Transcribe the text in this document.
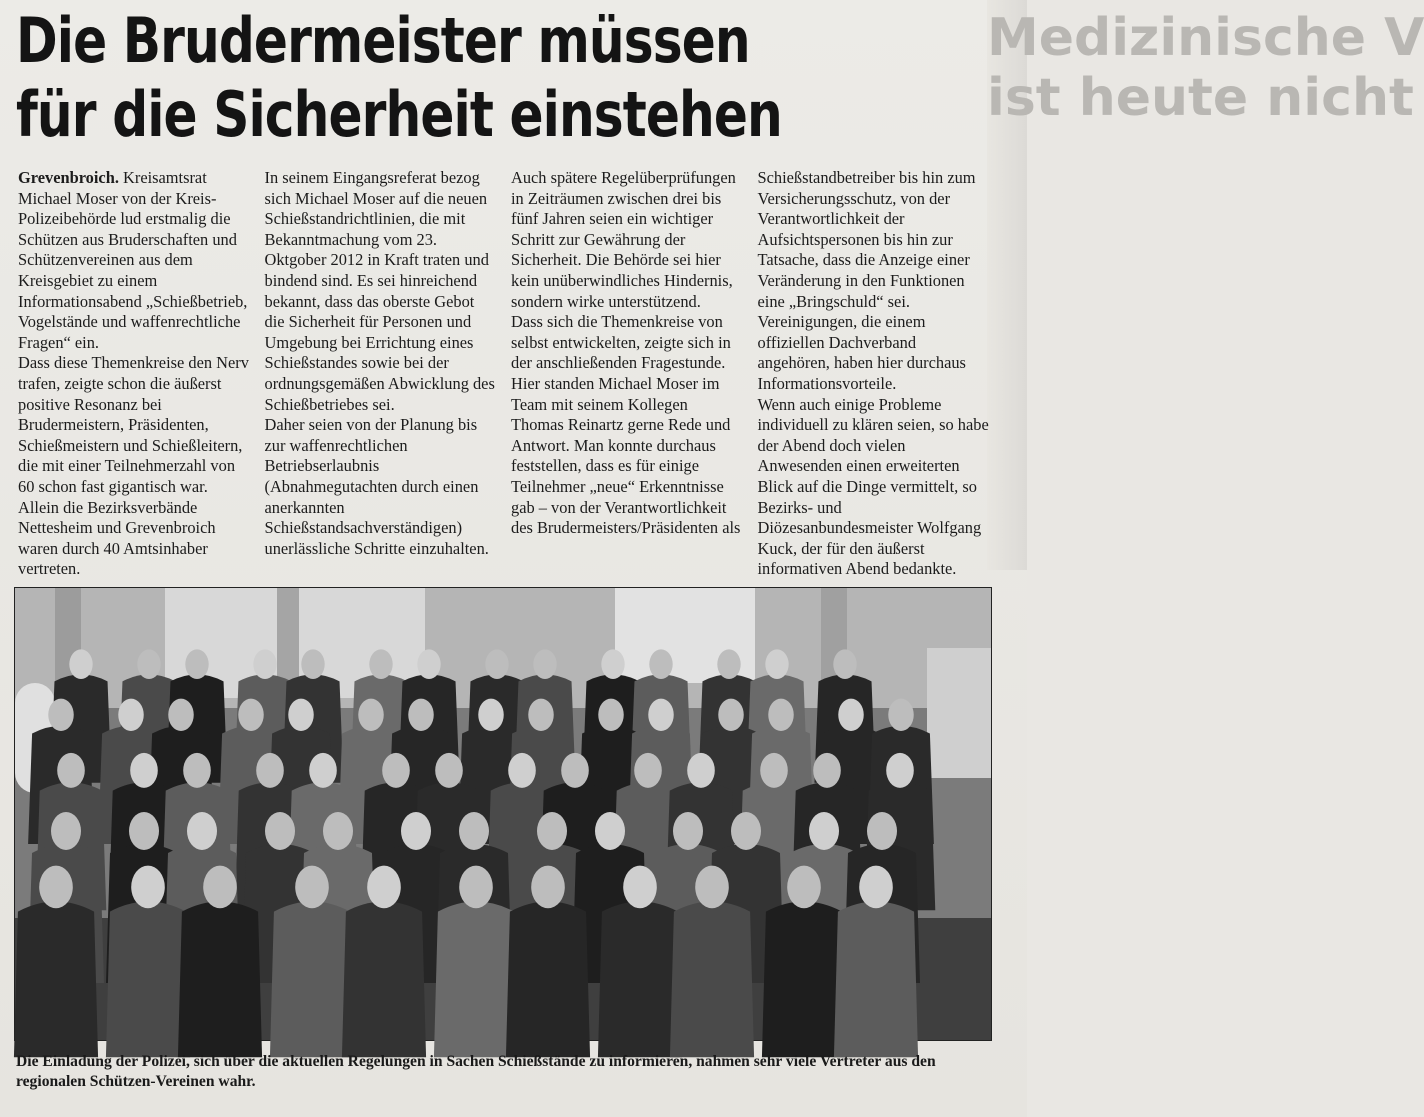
Medizinische V
ist heute nicht
Die Brudermeister müssen
für die Sicherheit einstehen

Grevenbroich. Kreisamtsrat Michael Moser von der Kreis-Polizeibehörde lud erstmalig die Schützen aus Bruderschaften und Schützenvereinen aus dem Kreisgebiet zu einem Informationsabend „Schießbetrieb, Vogelstände und waffenrechtliche Fragen“ ein.

Dass diese Themenkreise den Nerv trafen, zeigte schon die äußerst positive Resonanz bei Brudermeistern, Präsidenten, Schießmeistern und Schießleitern, die mit einer Teilnehmerzahl von 60 schon fast gigantisch war. Allein die Bezirksverbände Nettesheim und Grevenbroich waren durch 40 Amtsinhaber vertreten.

In seinem Eingangsreferat bezog sich Michael Moser auf die neuen Schießstandrichtlinien, die mit Bekanntmachung vom 23. Oktgober 2012 in Kraft traten und bindend sind. Es sei hinreichend bekannt, dass das oberste Gebot die Sicherheit für Personen und Umgebung bei Errichtung eines Schießstandes sowie bei der ordnungsgemäßen Abwicklung des Schießbetriebes sei.

Daher seien von der Planung bis zur waffenrechtlichen Betriebserlaubnis (Abnahmegutachten durch einen anerkannten Schießstandsachverständigen) unerlässliche Schritte einzuhalten.

Auch spätere Regelüberprüfungen in Zeiträumen zwischen drei bis fünf Jahren seien ein wichtiger Schritt zur Gewährung der Sicherheit. Die Behörde sei hier kein unüberwindliches Hindernis, sondern wirke unterstützend.

Dass sich die Themenkreise von selbst entwickelten, zeigte sich in der anschließenden Fragestunde. Hier standen Michael Moser im Team mit seinem Kollegen Thomas Reinartz gerne Rede und Antwort. Man konnte durchaus feststellen, dass es für einige Teilnehmer „neue“ Erkenntnisse gab – von der Verantwortlichkeit des Brudermeisters/Präsidenten als

Schießstandbetreiber bis hin zum Versicherungsschutz, von der Verantwortlichkeit der Aufsichtspersonen bis hin zur Tatsache, dass die Anzeige einer Veränderung in den Funktionen eine „Bringschuld“ sei. Vereinigungen, die einem offiziellen Dachverband angehören, haben hier durchaus Informationsvorteile.

Wenn auch einige Probleme individuell zu klären seien, so habe der Abend doch vielen Anwesenden einen erweiterten Blick auf die Dinge vermittelt, so Bezirks- und Diözesanbundesmeister Wolfgang Kuck, der für den äußerst informativen Abend bedankte.

Die Einladung der Polizei, sich über die aktuellen Regelungen in Sachen Schießstände zu informieren, nahmen sehr viele Vertreter aus den regionalen Schützen-Vereinen wahr.
